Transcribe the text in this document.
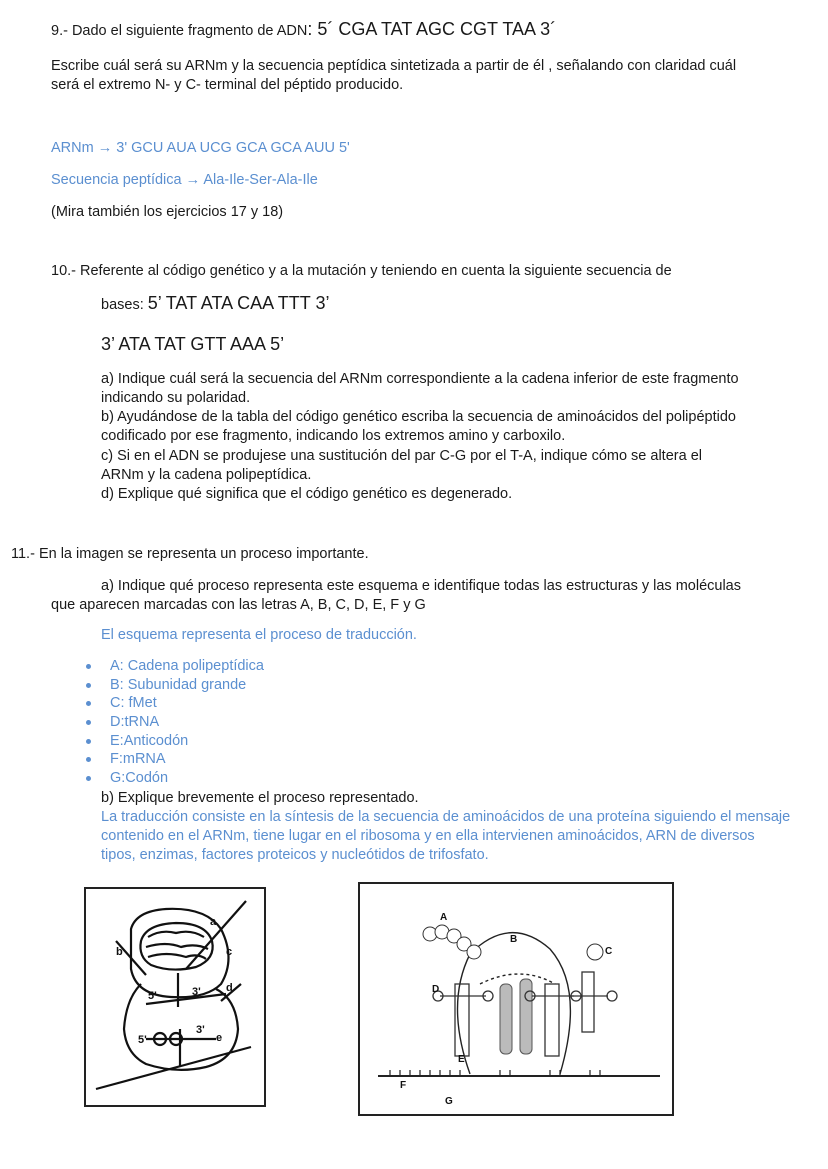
9.- Dado el siguiente fragmento de ADN: 5´ CGA TAT AGC CGT TAA 3´
Escribe cuál será su ARNm y la secuencia peptídica sintetizada a partir de él , señalando con claridad cuál
será el extremo N- y C- terminal del péptido producido.
ARNm → 3' GCU AUA UCG GCA GCA AUU 5'
Secuencia peptídica → Ala-Ile-Ser-Ala-Ile
(Mira también los ejercicios 17 y 18)
10.- Referente al código genético y a la mutación y teniendo en cuenta la siguiente secuencia de
bases: 5’ TAT ATA CAA TTT 3’
3’ ATA TAT GTT AAA 5’
a) Indique cuál será la secuencia del ARNm correspondiente a la cadena inferior de este fragmento
indicando su polaridad.
b) Ayudándose de la tabla del código genético escriba la secuencia de aminoácidos del polipéptido
codificado por ese fragmento, indicando los extremos amino y carboxilo.
c) Si en el ADN se produjese una sustitución del par C-G por el T-A, indique cómo se altera el
ARNm y la cadena polipeptídica.
d) Explique qué significa que el código genético es degenerado.
11.- En la imagen se representa un proceso importante.
a) Indique qué proceso representa este esquema e identifique todas las estructuras y las moléculas
que aparecen marcadas con las letras A, B, C, D, E, F y G
El esquema representa el proceso de traducción.
A: Cadena polipeptídica
B: Subunidad grande
C: fMet
D:tRNA
E:Anticodón
F:mRNA
G:Codón
b) Explique brevemente el proceso representado.
La traducción consiste en la síntesis de la secuencia de aminoácidos de una proteína siguiendo el mensaje
contenido en el ARNm, tiene lugar en el ribosoma y en ella intervienen aminoácidos, ARN de diversos
tipos, enzimas, factores proteicos y nucleótidos de trifosfato.
a
b	c
d
e
5'	3'
5'
3'
A
B
C
D
E
F
G
